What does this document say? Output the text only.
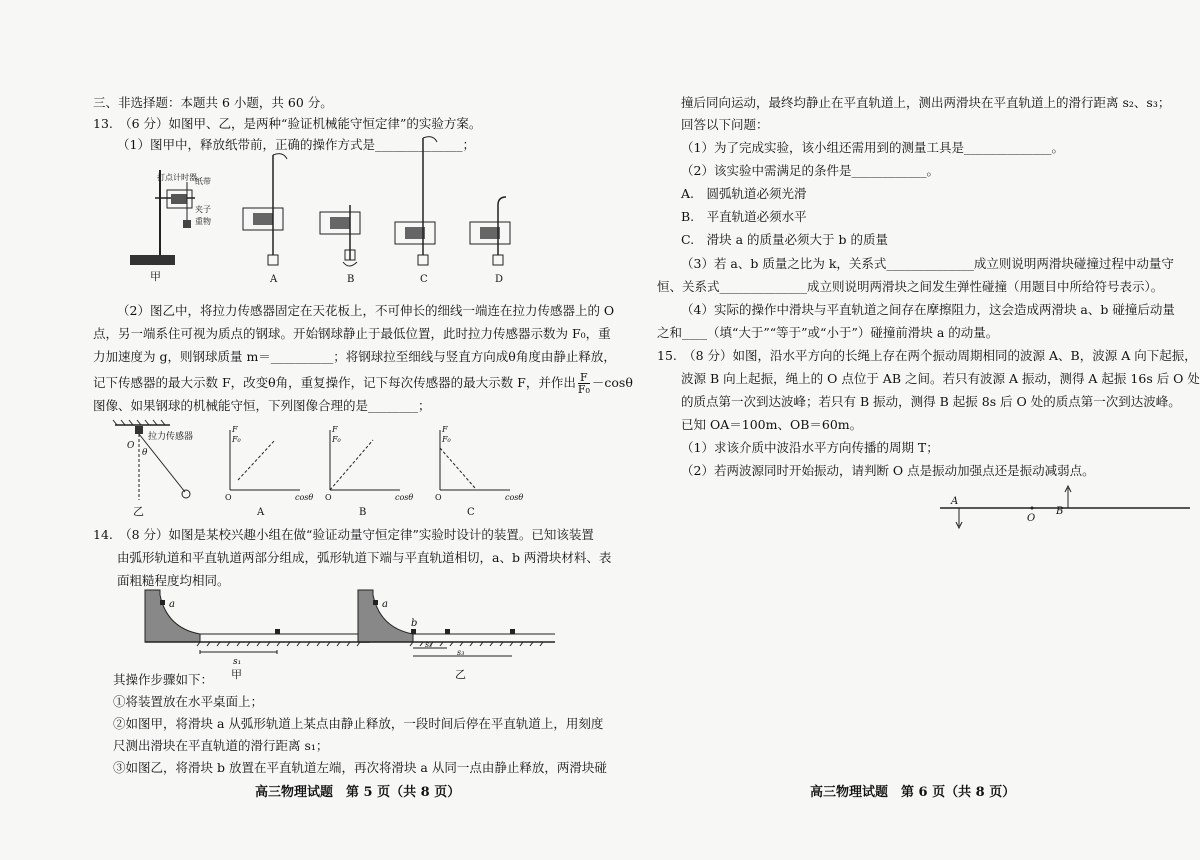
三、非选择题：本题共 6 小题，共 60 分。
13.　（6 分）如图甲、乙，是两种“验证机械能守恒定律”的实验方案。
（1）图甲中，释放纸带前，正确的操作方式是______________；
打点计时器
纸带
夹子
重物
甲	A	B	C	D
（2）图乙中，将拉力传感器固定在天花板上，不可伸长的细线一端连在拉力传感器上的 O
点，另一端系住可视为质点的钢球。开始钢球静止于最低位置，此时拉力传感器示数为 F₀，重
力加速度为 g，则钢球质量 m＝__________；将钢球拉至细线与竖直方向成θ角度由静止释放，
记下传感器的最大示数 F，改变θ角，重复操作，记下每次传感器的最大示数 F，并作出 $\frac{F}{\text{F₀}} -\cos\theta$
图像、如果钢球的机械能守恒，下列图像合理的是________；
拉力传感器
O
θ
乙
F
F₀
O	cosθ
A
F
F₀
O	cosθ
B
F
F₀
O	cosθ
C
14.　（8 分）如图是某校兴趣小组在做“验证动量守恒定律”实验时设计的装置。已知该装置
由弧形轨道和平直轨道两部分组成，弧形轨道下端与平直轨道相切，a、b 两滑块材料、表
面粗糙程度均相同。
a
s₁
甲
a
b
s₂
s₃
乙
其操作步骤如下：
①将装置放在水平桌面上；
②如图甲，将滑块 a 从弧形轨道上某点由静止释放，一段时间后停在平直轨道上，用刻度
尺测出滑块在平直轨道的滑行距离 s₁；
③如图乙，将滑块 b 放置在平直轨道左端，再次将滑块 a 从同一点由静止释放，两滑块碰
高三物理试题　第 5 页（共 8 页）
撞后同向运动，最终均静止在平直轨道上，测出两滑块在平直轨道上的滑行距离 s₂、s₃；
回答以下问题：
（1）为了完成实验，该小组还需用到的测量工具是______________。
（2）该实验中需满足的条件是____________。
A.　圆弧轨道必须光滑
B.　平直轨道必须水平
C.　滑块 a 的质量必须大于 b 的质量
（3）若 a、b 质量之比为 k，关系式______________成立则说明两滑块碰撞过程中动量守
恒、关系式______________成立则说明两滑块之间发生弹性碰撞（用题目中所给符号表示）。
（4）实际的操作中滑块与平直轨道之间存在摩擦阻力，这会造成两滑块 a、b 碰撞后动量
之和____（填“大于”“等于”或“小于”）碰撞前滑块 a 的动量。
15.　（8 分）如图，沿水平方向的长绳上存在两个振动周期相同的波源 A、B，波源 A 向下起振，
波源 B 向上起振，绳上的 O 点位于 AB 之间。若只有波源 A 振动，测得 A 起振 16s 后 O 处
的质点第一次到达波峰；若只有 B 振动，测得 B 起振 8s 后 O 处的质点第一次到达波峰。
已知 OA＝100m、OB＝60m。
（1）求该介质中波沿水平方向传播的周期 T；
（2）若两波源同时开始振动，请判断 O 点是振动加强点还是振动减弱点。
A
O
B
高三物理试题　第 6 页（共 8 页）
